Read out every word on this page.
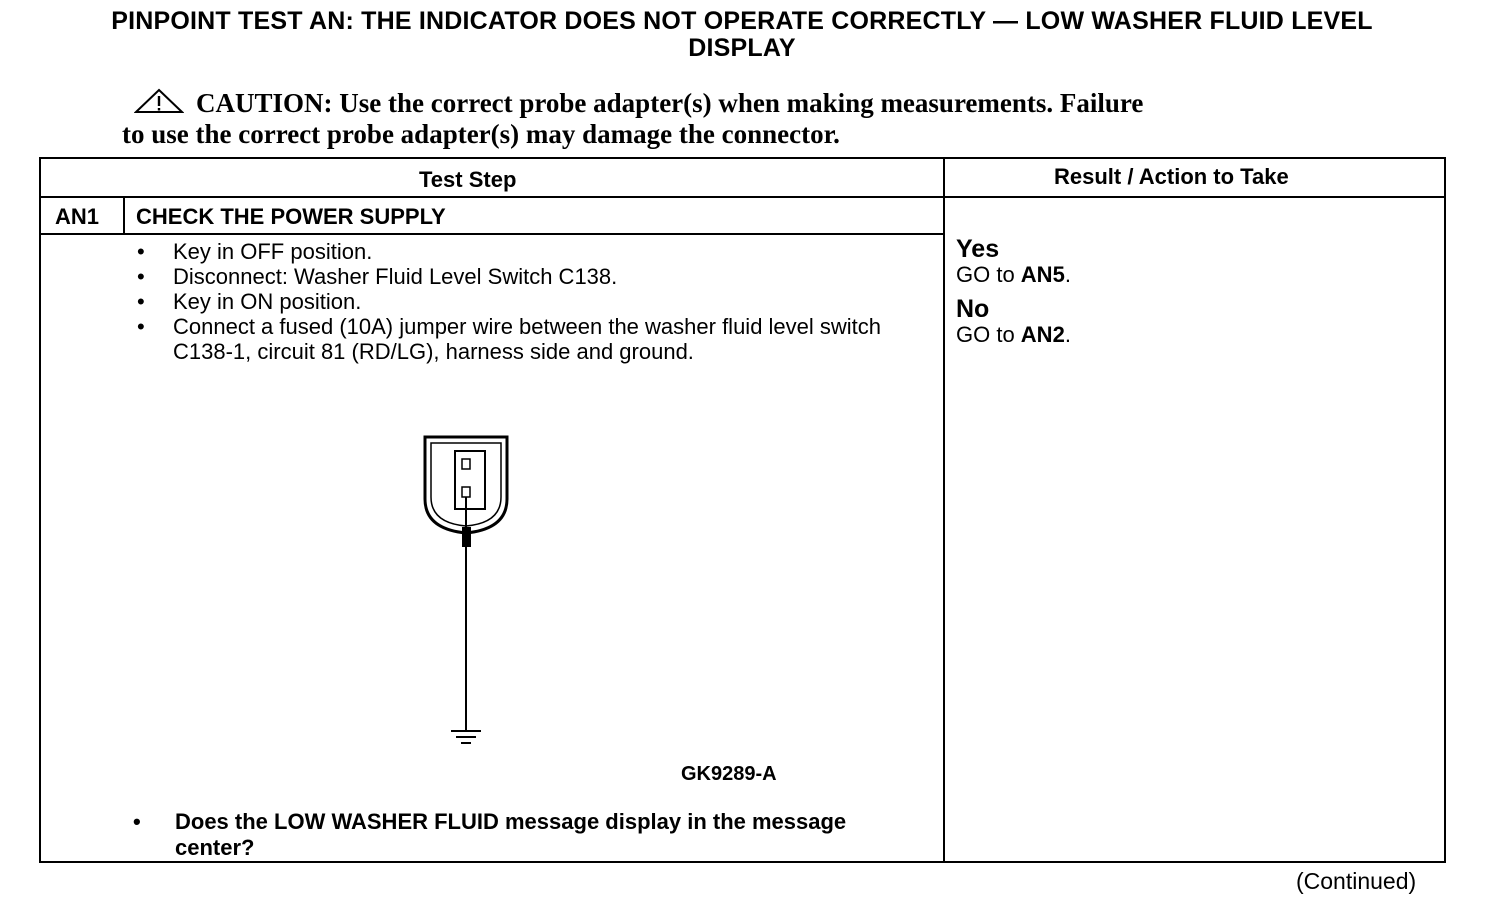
PINPOINT TEST AN: THE INDICATOR DOES NOT OPERATE CORRECTLY — LOW WASHER FLUID LEVEL DISPLAY
CAUTION: Use the correct probe adapter(s) when making measurements. Failure
to use the correct probe adapter(s) may damage the connector.
Test Step	Result / Action to Take
AN1 CHECK THE POWER SUPPLY
• Key in OFF position.
• Disconnect: Washer Fluid Level Switch C138.
• Key in ON position.
• Connect a fused (10A) jumper wire between the washer fluid level switch C138-1, circuit 81 (RD/LG), harness side and ground.
GK9289-A
• Does the LOW WASHER FLUID message display in the message center?
Yes
GO to AN5.
No
GO to AN2.
(Continued)
